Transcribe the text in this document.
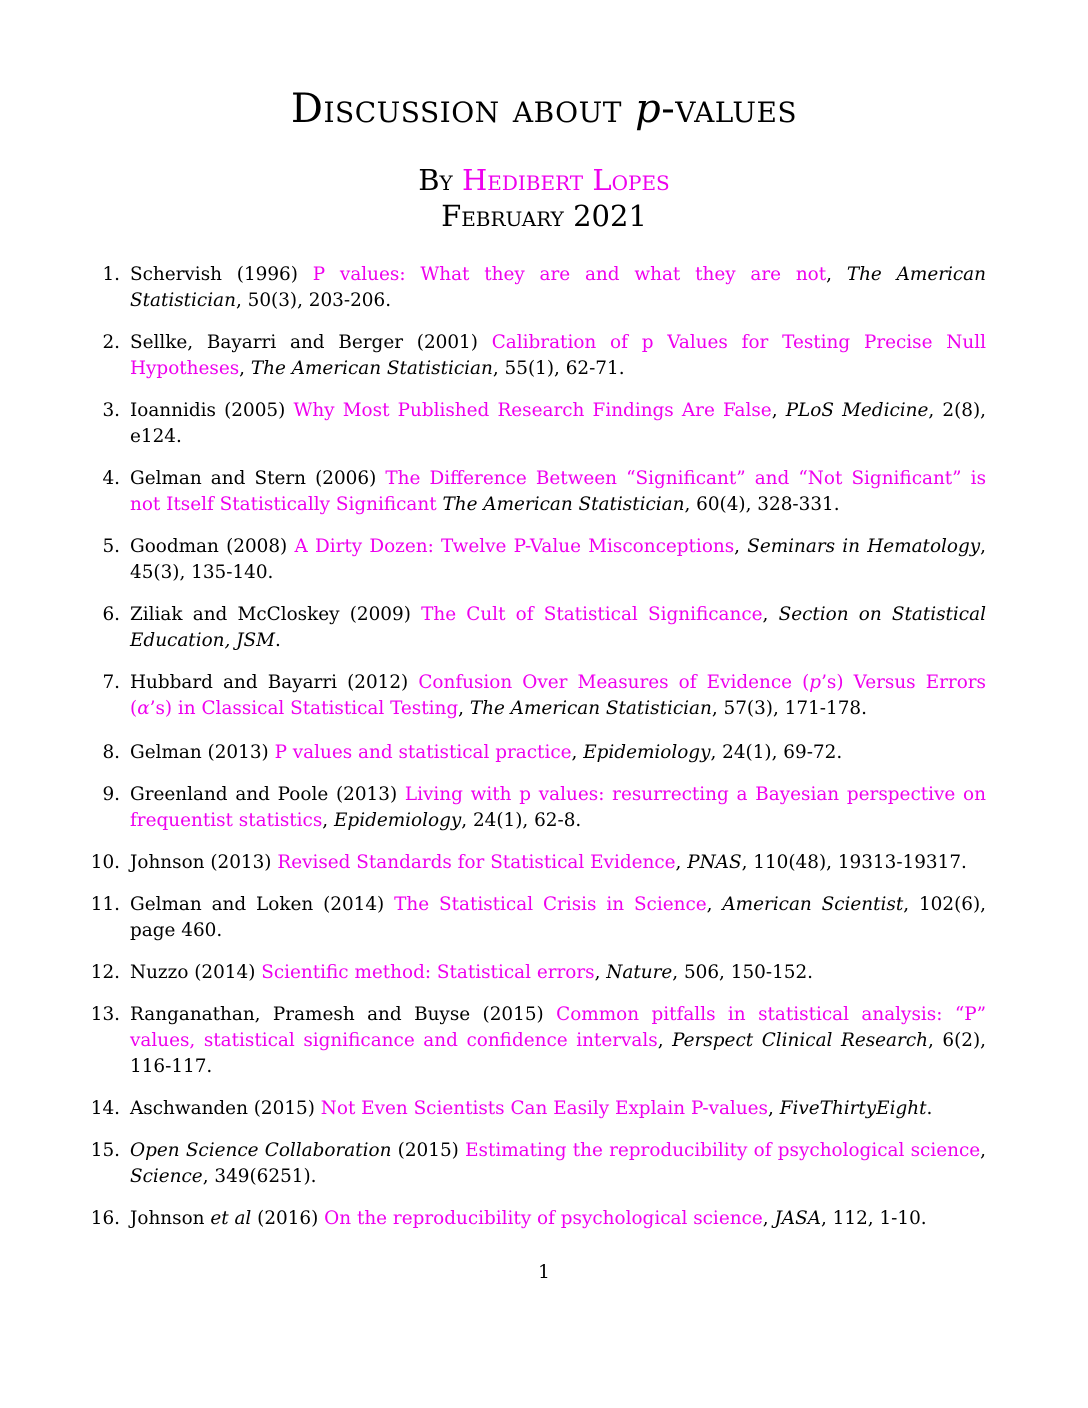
Discussion about p-values
By Hedibert Lopes
February 2021
1. Schervish (1996) P values: What they are and what they are not, The American Statistician, 50(3), 203-206.
2. Sellke, Bayarri and Berger (2001) Calibration of p Values for Testing Precise Null Hypotheses, The American Statistician, 55(1), 62-71.
3. Ioannidis (2005) Why Most Published Research Findings Are False, PLoS Medicine, 2(8), e124.
4. Gelman and Stern (2006) The Difference Between “Significant” and “Not Significant” is not Itself Statistically Significant The American Statistician, 60(4), 328-331.
5. Goodman (2008) A Dirty Dozen: Twelve P-Value Misconceptions, Seminars in Hematology, 45(3), 135-140.
6. Ziliak and McCloskey (2009) The Cult of Statistical Significance, Section on Statistical Education, JSM.
7. Hubbard and Bayarri (2012) Confusion Over Measures of Evidence (p’s) Versus Errors (α’s) in Classical Statistical Testing, The American Statistician, 57(3), 171-178.
8. Gelman (2013) P values and statistical practice, Epidemiology, 24(1), 69-72.
9. Greenland and Poole (2013) Living with p values: resurrecting a Bayesian perspective on frequentist statistics, Epidemiology, 24(1), 62-8.
10. Johnson (2013) Revised Standards for Statistical Evidence, PNAS, 110(48), 19313-19317.
11. Gelman and Loken (2014) The Statistical Crisis in Science, American Scientist, 102(6), page 460.
12. Nuzzo (2014) Scientific method: Statistical errors, Nature, 506, 150-152.
13. Ranganathan, Pramesh and Buyse (2015) Common pitfalls in statistical analysis: “P” values, statistical significance and confidence intervals, Perspect Clinical Research, 6(2), 116-117.
14. Aschwanden (2015) Not Even Scientists Can Easily Explain P-values, FiveThirtyEight.
15. Open Science Collaboration (2015) Estimating the reproducibility of psychological science, Science, 349(6251).
16. Johnson et al (2016) On the reproducibility of psychological science, JASA, 112, 1-10.
1
